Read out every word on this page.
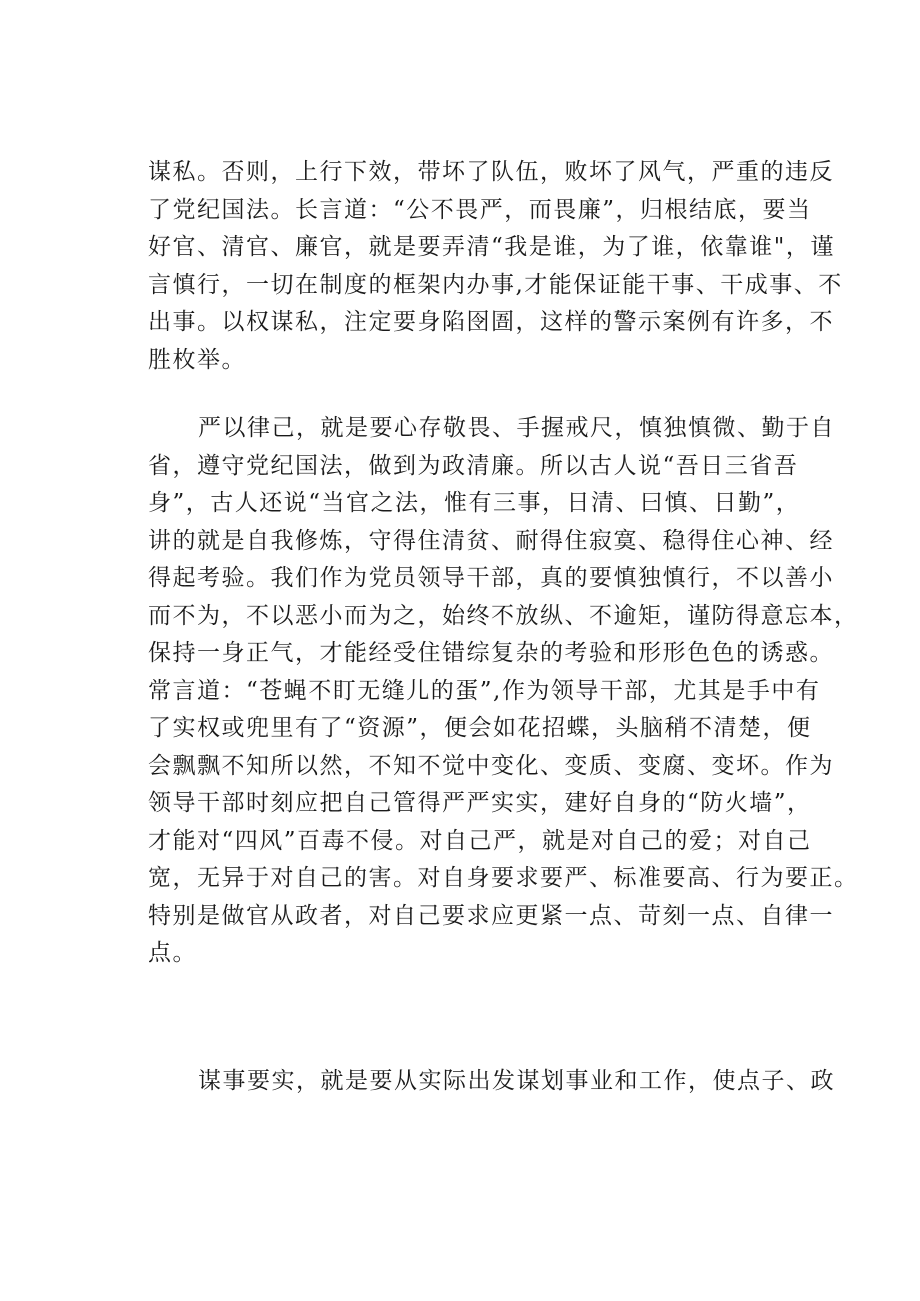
谋私。否则，上行下效，带坏了队伍，败坏了风气，严重的违反
了党纪国法。长言道：“公不畏严，而畏廉”，归根结底，要当
好官、清官、廉官，就是要弄清“我是谁，为了谁，依靠谁"，谨
言慎行，一切在制度的框架内办事,才能保证能干事、干成事、不
出事。以权谋私，注定要身陷囹圄，这样的警示案例有许多，不
胜枚举。
严以律己，就是要心存敬畏、手握戒尺，慎独慎微、勤于自
省，遵守党纪国法，做到为政清廉。所以古人说“吾日三省吾
身”，古人还说“当官之法，惟有三事，日清、曰慎、日勤”，
讲的就是自我修炼，守得住清贫、耐得住寂寞、稳得住心神、经
得起考验。我们作为党员领导干部，真的要慎独慎行，不以善小
而不为，不以恶小而为之，始终不放纵、不逾矩，谨防得意忘本，
保持一身正气，才能经受住错综复杂的考验和形形色色的诱惑。
常言道：“苍蝇不盯无缝儿的蛋”,作为领导干部，尤其是手中有
了实权或兜里有了“资源”，便会如花招蝶，头脑稍不清楚，便
会飘飘不知所以然，不知不觉中变化、变质、变腐、变坏。作为
领导干部时刻应把自己管得严严实实，建好自身的“防火墙”，
才能对“四风”百毒不侵。对自己严，就是对自己的爱；对自己
宽，无异于对自己的害。对自身要求要严、标准要高、行为要正。
特别是做官从政者，对自己要求应更紧一点、苛刻一点、自律一
点。
谋事要实，就是要从实际出发谋划事业和工作，使点子、政
